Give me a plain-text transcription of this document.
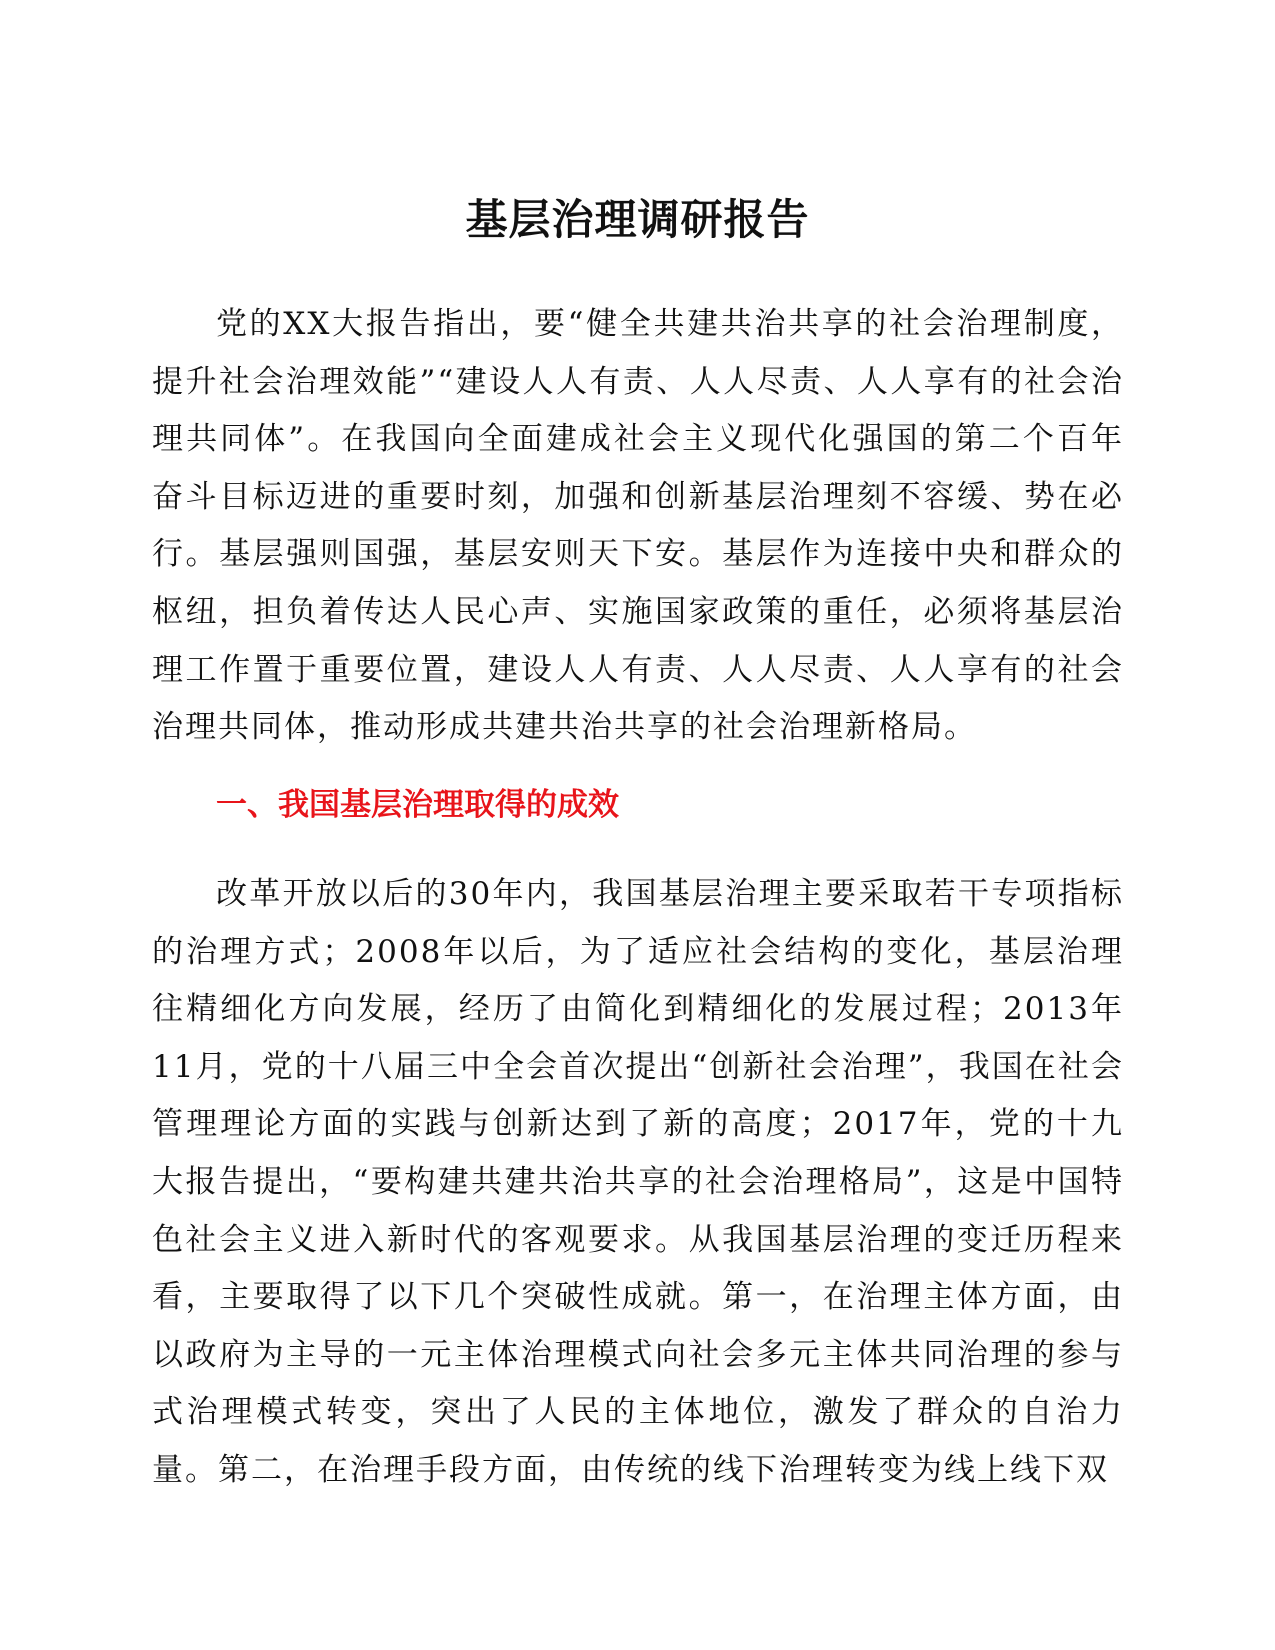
基层治理调研报告

党的XX大报告指出，要“健全共建共治共享的社会治理制度，提升社会治理效能”“建设人人有责、人人尽责、人人享有的社会治理共同体”。在我国向全面建成社会主义现代化强国的第二个百年奋斗目标迈进的重要时刻，加强和创新基层治理刻不容缓、势在必行。基层强则国强，基层安则天下安。基层作为连接中央和群众的枢纽，担负着传达人民心声、实施国家政策的重任，必须将基层治理工作置于重要位置，建设人人有责、人人尽责、人人享有的社会治理共同体，推动形成共建共治共享的社会治理新格局。

一、我国基层治理取得的成效

改革开放以后的30年内，我国基层治理主要采取若干专项指标的治理方式；2008年以后，为了适应社会结构的变化，基层治理往精细化方向发展，经历了由简化到精细化的发展过程；2013年11月，党的十八届三中全会首次提出“创新社会治理”，我国在社会管理理论方面的实践与创新达到了新的高度；2017年，党的十九大报告提出，“要构建共建共治共享的社会治理格局”，这是中国特色社会主义进入新时代的客观要求。从我国基层治理的变迁历程来看，主要取得了以下几个突破性成就。第一，在治理主体方面，由以政府为主导的一元主体治理模式向社会多元主体共同治理的参与式治理模式转变，突出了人民的主体地位，激发了群众的自治力量。第二，在治理手段方面，由传统的线下治理转变为线上线下双
